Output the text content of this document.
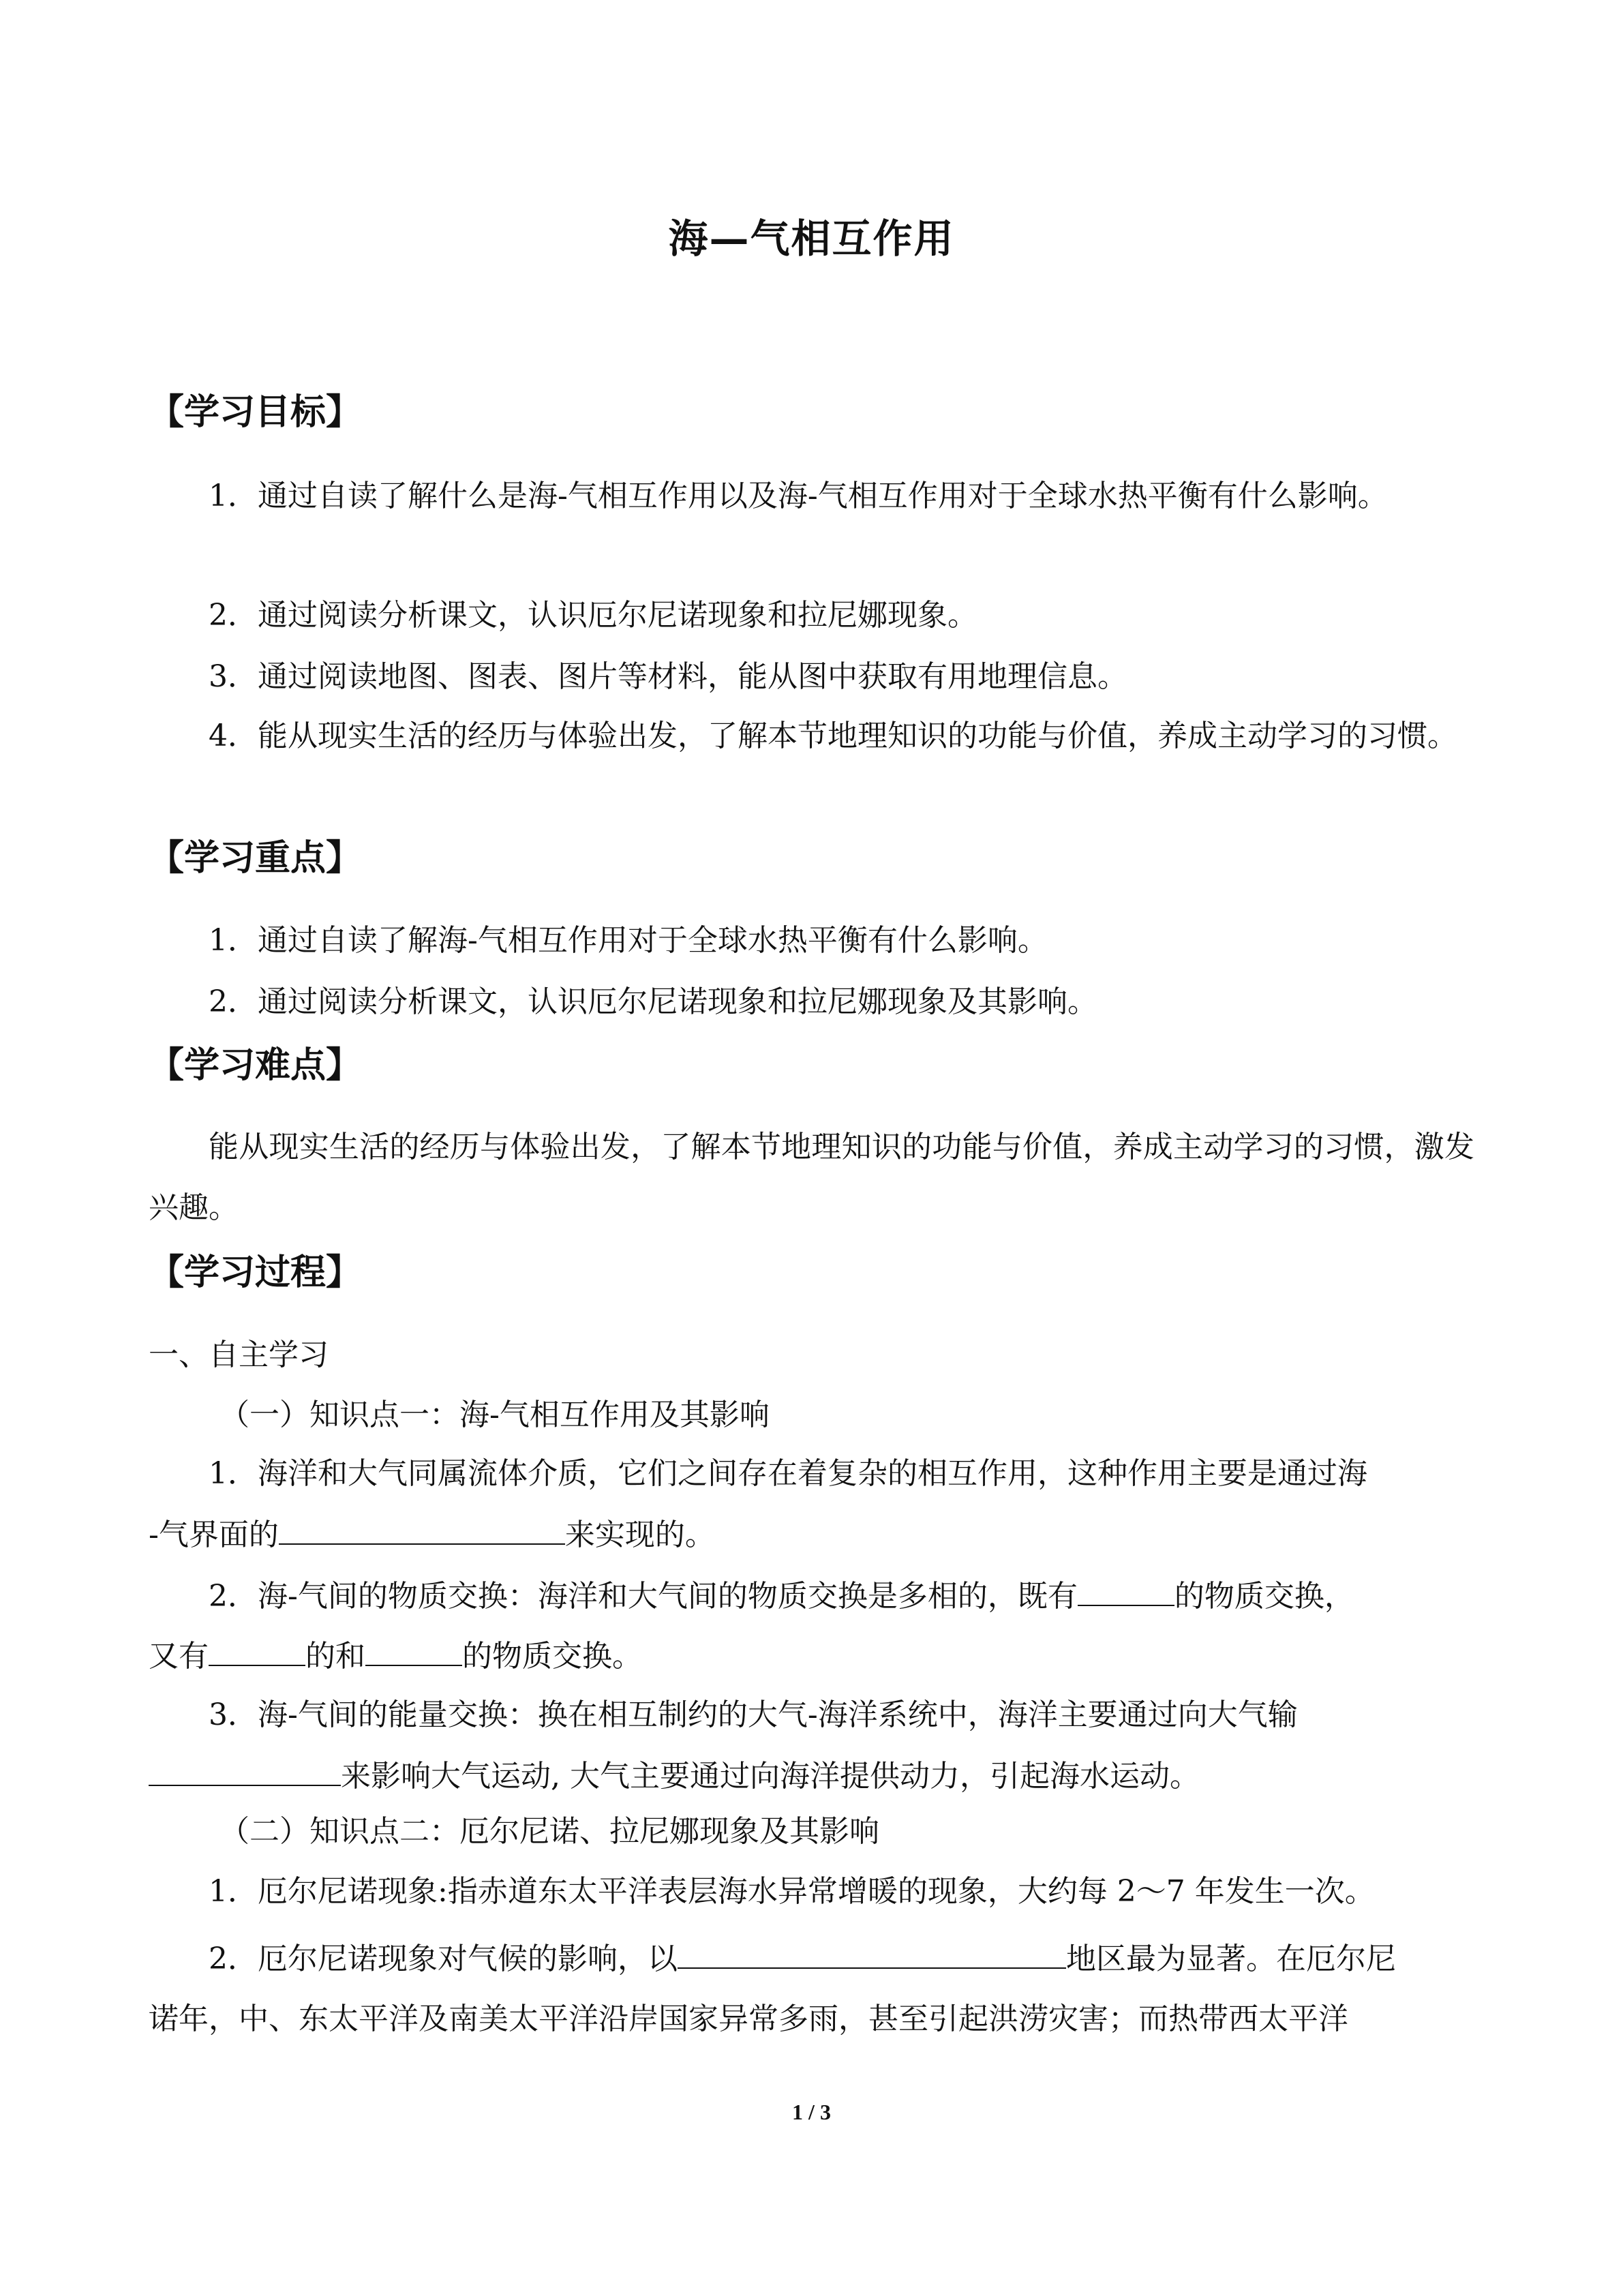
海—气相互作用
【学习目标】
1．通过自读了解什么是海-气相互作用以及海-气相互作用对于全球水热平衡有什么影响。
2．通过阅读分析课文，认识厄尔尼诺现象和拉尼娜现象。
3．通过阅读地图、图表、图片等材料，能从图中获取有用地理信息。
4．能从现实生活的经历与体验出发，了解本节地理知识的功能与价值，养成主动学习的习惯。
【学习重点】
1．通过自读了解海-气相互作用对于全球水热平衡有什么影响。
2．通过阅读分析课文，认识厄尔尼诺现象和拉尼娜现象及其影响。
【学习难点】
能从现实生活的经历与体验出发，了解本节地理知识的功能与价值，养成主动学习的习惯，激发兴趣。
【学习过程】
一、自主学习
（一）知识点一：海-气相互作用及其影响
1．海洋和大气同属流体介质，它们之间存在着复杂的相互作用，这种作用主要是通过海
-气界面的	来实现的。
2．海-气间的物质交换：海洋和大气间的物质交换是多相的，既有	的物质交换，
又有	的和	的物质交换。
3．海-气间的能量交换：换在相互制约的大气-海洋系统中，海洋主要通过向大气输
来影响大气运动, 大气主要通过向海洋提供动力，引起海水运动。
（二）知识点二：厄尔尼诺、拉尼娜现象及其影响
1．厄尔尼诺现象:指赤道东太平洋表层海水异常增暖的现象，大约每 2～7 年发生一次。
2．厄尔尼诺现象对气候的影响，以	地区最为显著。在厄尔尼
诺年，中、东太平洋及南美太平洋沿岸国家异常多雨，甚至引起洪涝灾害；而热带西太平洋
1 / 3
